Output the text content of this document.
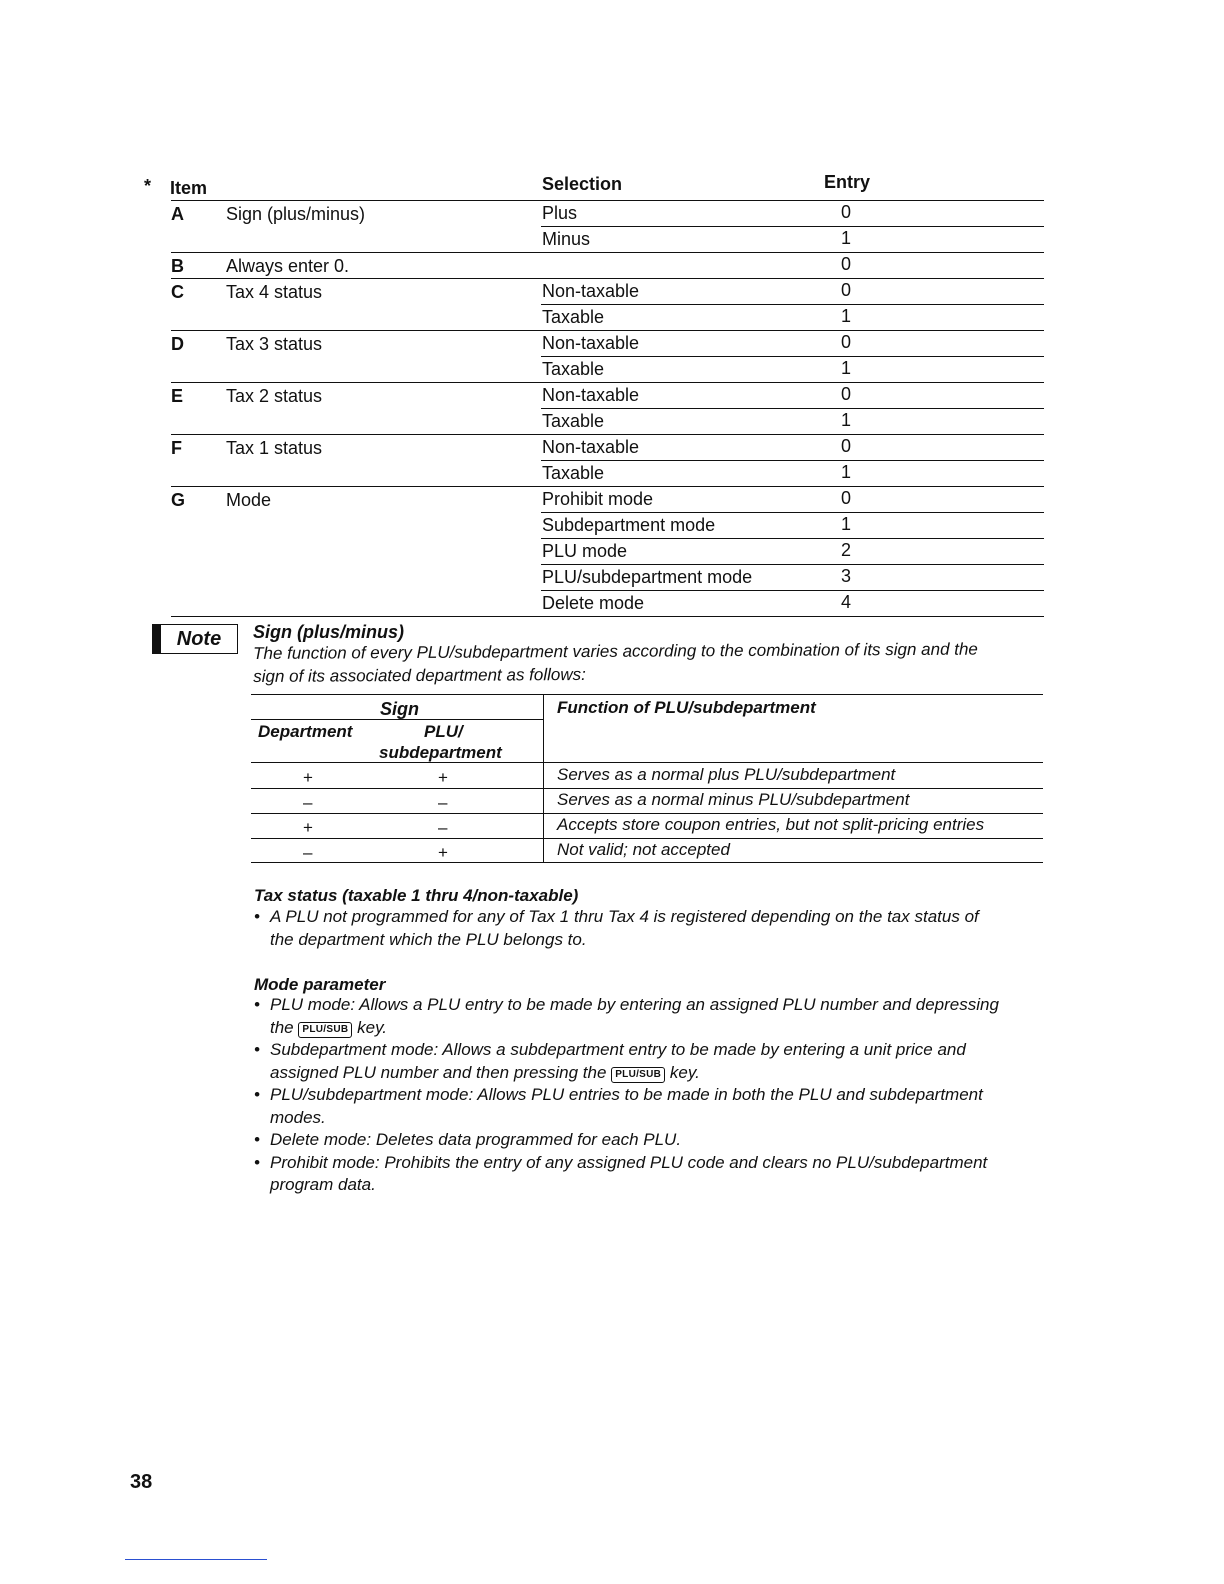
* Item	Selection	Entry
A Sign (plus/minus)	Plus	0
Minus	1
B Always enter 0.	0
C Tax 4 status	Non-taxable	0
Taxable	1
D Tax 3 status	Non-taxable	0
Taxable	1
E Tax 2 status	Non-taxable	0
Taxable	1
F Tax 1 status	Non-taxable	0
Taxable	1
G Mode	Prohibit mode	0
Subdepartment mode	1
PLU mode	2
PLU/subdepartment mode	3
Delete mode	4
Note	Sign (plus/minus)
The function of every PLU/subdepartment varies according to the combination of its sign and the
sign of its associated department as follows:
Sign
Department	PLU/
subdepartment
Function of PLU/subdepartment
+	+	Serves as a normal plus PLU/subdepartment
–	–	Serves as a normal minus PLU/subdepartment
+	–	Accepts store coupon entries, but not split-pricing entries
–	+	Not valid; not accepted
Tax status (taxable 1 thru 4/non-taxable)
• A PLU not programmed for any of Tax 1 thru Tax 4 is registered depending on the tax status of
the department which the PLU belongs to.
Mode parameter
• PLU mode: Allows a PLU entry to be made by entering an assigned PLU number and depressing
the PLU/SUB key.
• Subdepartment mode: Allows a subdepartment entry to be made by entering a unit price and
assigned PLU number and then pressing the PLU/SUB key.
• PLU/subdepartment mode: Allows PLU entries to be made in both the PLU and subdepartment
modes.
• Delete mode: Deletes data programmed for each PLU.
• Prohibit mode: Prohibits the entry of any assigned PLU code and clears no PLU/subdepartment
program data.
38
